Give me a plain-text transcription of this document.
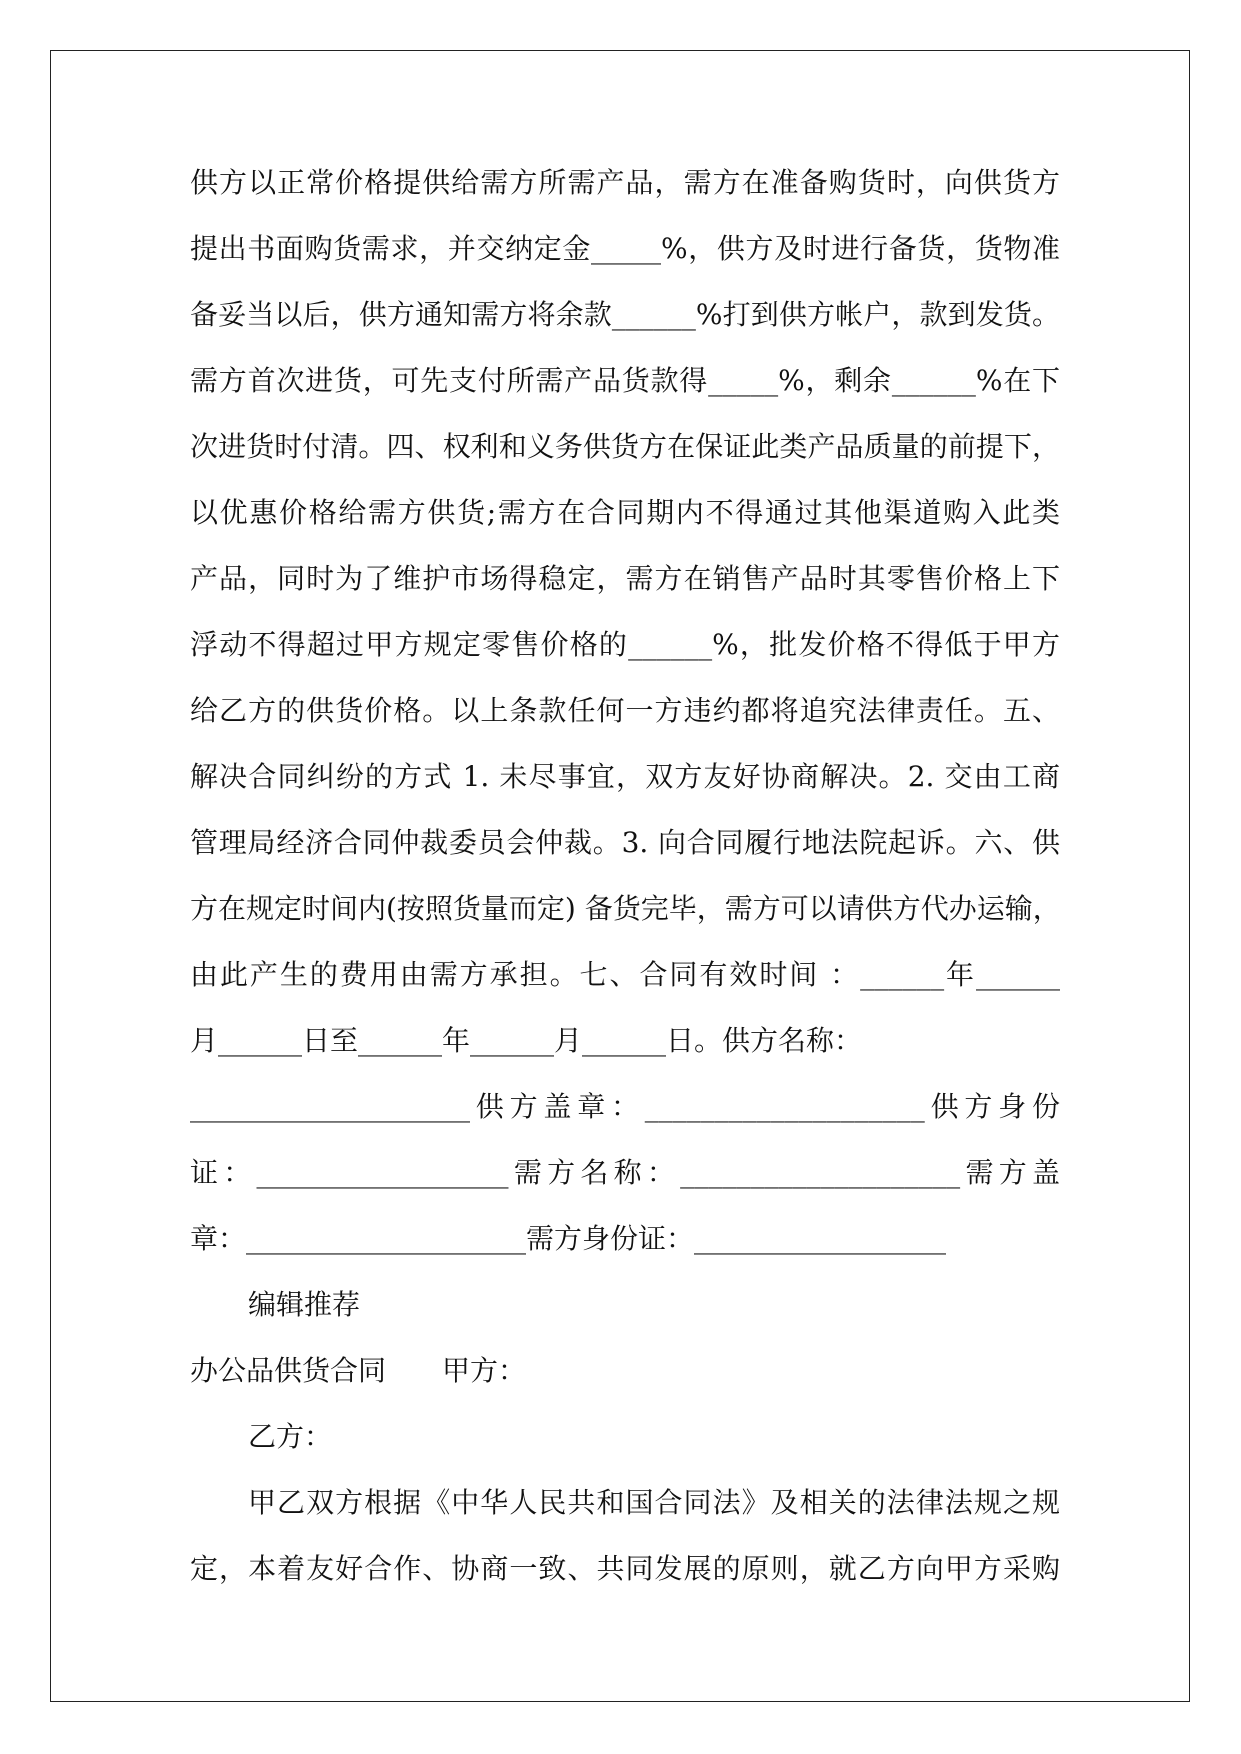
供方以正常价格提供给需方所需产品，需方在准备购货时，向供货方
提出书面购货需求，并交纳定金_____%，供方及时进行备货，货物准
备妥当以后，供方通知需方将余款______%打到供方帐户，款到发货。
需方首次进货，可先支付所需产品货款得_____%，剩余______%在下
次进货时付清。四、权利和义务供货方在保证此类产品质量的前提下，
以优惠价格给需方供货;需方在合同期内不得通过其他渠道购入此类
产品，同时为了维护市场得稳定，需方在销售产品时其零售价格上下
浮动不得超过甲方规定零售价格的______%，批发价格不得低于甲方
给乙方的供货价格。以上条款任何一方违约都将追究法律责任。五、
解决合同纠纷的方式 1. 未尽事宜，双方友好协商解决。2. 交由工商
管理局经济合同仲裁委员会仲裁。3. 向合同履行地法院起诉。六、供
方在规定时间内(按照货量而定) 备货完毕，需方可以请供方代办运输，
由此产生的费用由需方承担。七、合同有效时间 ：______年______
月______日至______年______月______日。供方名称：
____________________供方盖章：____________________供方身份
证：__________________需方名称：____________________需方盖
章：____________________需方身份证：__________________
编辑推荐
办公品供货合同　　甲方：
乙方：
甲乙双方根据《中华人民共和国合同法》及相关的法律法规之规
定，本着友好合作、协商一致、共同发展的原则，就乙方向甲方采购
